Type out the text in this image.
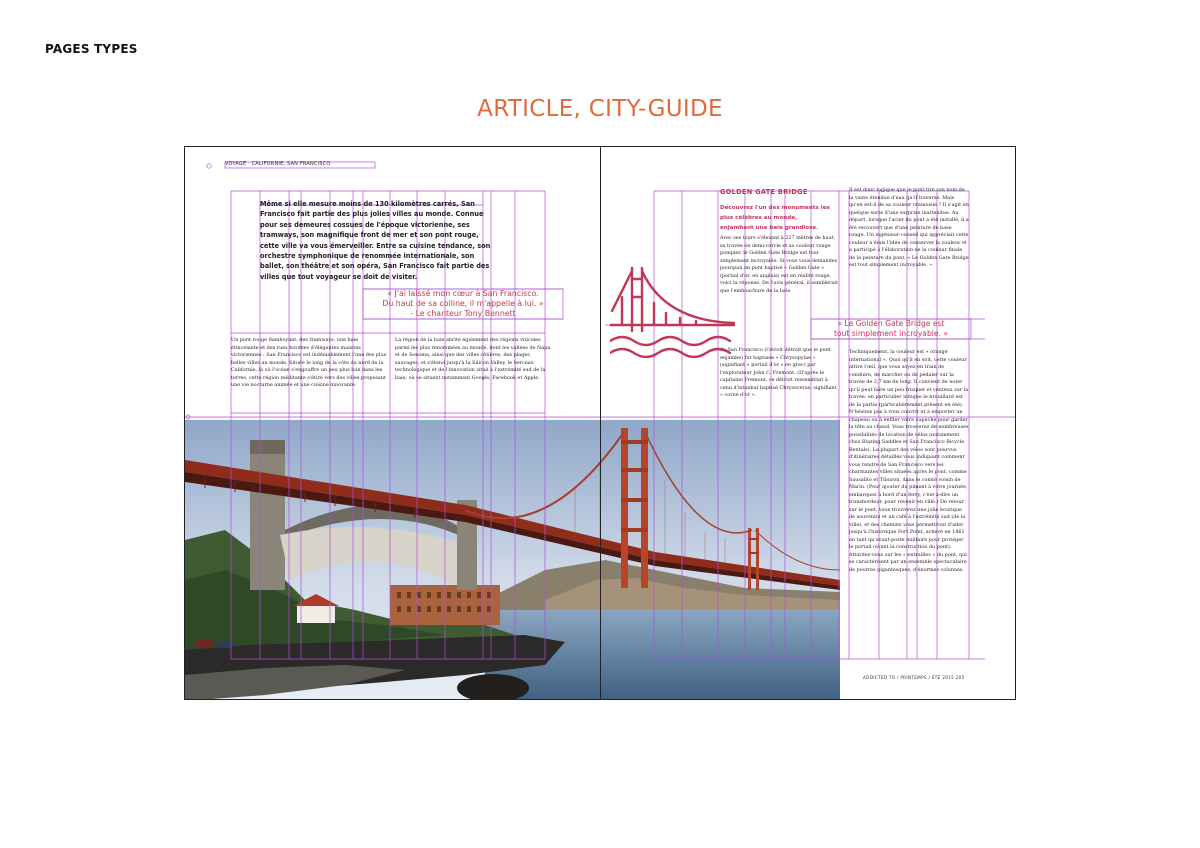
PAGES TYPES
ARTICLE, CITY-GUIDE
VOYAGE · CALIFORNIE, SAN FRANCISCO
Même si elle mesure moins de 130 kilomètres carrés, San Francisco fait partie des plus jolies villes au monde. Connue pour ses demeures cossues de l'époque victorienne, ses tramways, son magnifique front de mer et son pont rouge, cette ville va vous émerveiller. Entre sa cuisine tendance, son orchestre symphonique de renommée internationale, son ballet, son théâtre et son opéra, San Francisco fait partie des villes que tout voyageur se doit de visiter.
« J'ai laissé mon cœur à San Francisco.
Du haut de sa colline, il m'appelle à lui. »
- Le chanteur Tony Bennett
Un pont rouge flamboyant, des tramways, une baie étincelante et des rues bordées d'élégantes maisons victoriennes : San Francisco est indéniablement l'une des plus belles villes au monde. Située le long de la côte du nord de la Californie, là où l'océan s'engouffre un peu plus loin dans les terres, cette région méditante s'étire vers des villes proposant une vie nocturne animée et une cuisine innovante.
La région de la baie abrite également des régions viticoles parmi les plus renommées au monde, dont les vallées de Napa et de Sonoma, ainsi que des villes côtières, des plages sauvages, et s'étend jusqu'à la Silicon Valley, le berceau technologique et de l'innovation situé à l'extrémité sud de la baie, où se situent notamment Google, Facebook et Apple.
GOLDEN GATE BRIDGE
Découvrez l'un des monuments les plus célèbres au monde, enjambant une baie grandiose.
Avec ses tours s'élevant à 227 mètres de haut, sa travée en demi-cercle et sa couleur rouge pompier, le Golden Gate Bridge est tout simplement incroyable. Si vous vous demandez pourquoi un pont baptisé « Golden Gate » (portail d'or, en anglais) est en réalité rouge, voici la réponse. De l'avis général, il semblerait que l'embouchure de la baie
de San Francisco (l'étroit détroit que le pont enjambe) fut baptisée « Chrysopylae » (signifiant « portail d'or » en grec) par l'explorateur John C. Fremont. (D'après le capitaine Fremont, ce détroit ressemblait à celui d'Istanbul baptisé Chrysoceras, signifiant « corne d'or ».
Il est donc logique que le pont tire son nom de la vaste étendue d'eau qu'il traverse. Mais qu'en est-il de sa couleur cramoisie ? Il s'agit en quelque sorte d'une surprise inattendue. Au départ, lorsque l'acier du pont a été installé, il a été recouvert que d'une peinture de base rouge. Un ingénieur-conseil qui appréciait cette couleur a émis l'idée de conserver la couleur et a participé à l'élaboration de la couleur finale de la peinture du pont. « Le Golden Gate Bridge est tout simplement incroyable. »
« Le Golden Gate Bridge est
tout simplement incroyable. »
Techniquement, la couleur est « orangé international ». Quoi qu'il en soit, cette couleur attire l'œil, que vous soyez en train de conduire, de marcher ou de pédaler sur la travée de 2,7 km de long. Il convient de noter qu'il peut faire un peu frisquet et venteux sur la travée, en particulier lorsque le brouillard est de la partie (particulièrement présent en été). N'hésitez pas à vous couvrir et à emporter un chapeau ou à enfiler votre capuche pour garder la tête au chaud. Vous trouverez de nombreuses possibilités de location de vélos (notamment chez Blazing Saddles et San Francisco Bicycle Rentals). La plupart des vélos sont pourvus d'itinéraires détaillés vous indiquant comment vous rendre de San Francisco vers les charmantes villes situées après le pont, comme Sausalito et Tiburon, dans le comté voisin de Marin. (Pour ajouter du piment à votre journée, embarquez à bord d'un ferry, c'est-à-dire un transbordeur, pour revenir en ville.) De retour sur le pont, vous trouverez une jolie boutique de souvenirs et un café à l'extrémité sud (de la ville), et des chemins vous permettront d'aller jusqu'à l'historique Fort Point, achevé en 1861 en tant qu'avant-poste militaire pour protéger le portail (avant la construction du pont). Attardez-vous sur les « entrailles » du pont, qui se caractérisent par un ensemble spectaculaire de poutres gigantesques, d'énormes colonnes.
ADDICTED TO / PRINTEMPS / ÉTÉ 2015 205
